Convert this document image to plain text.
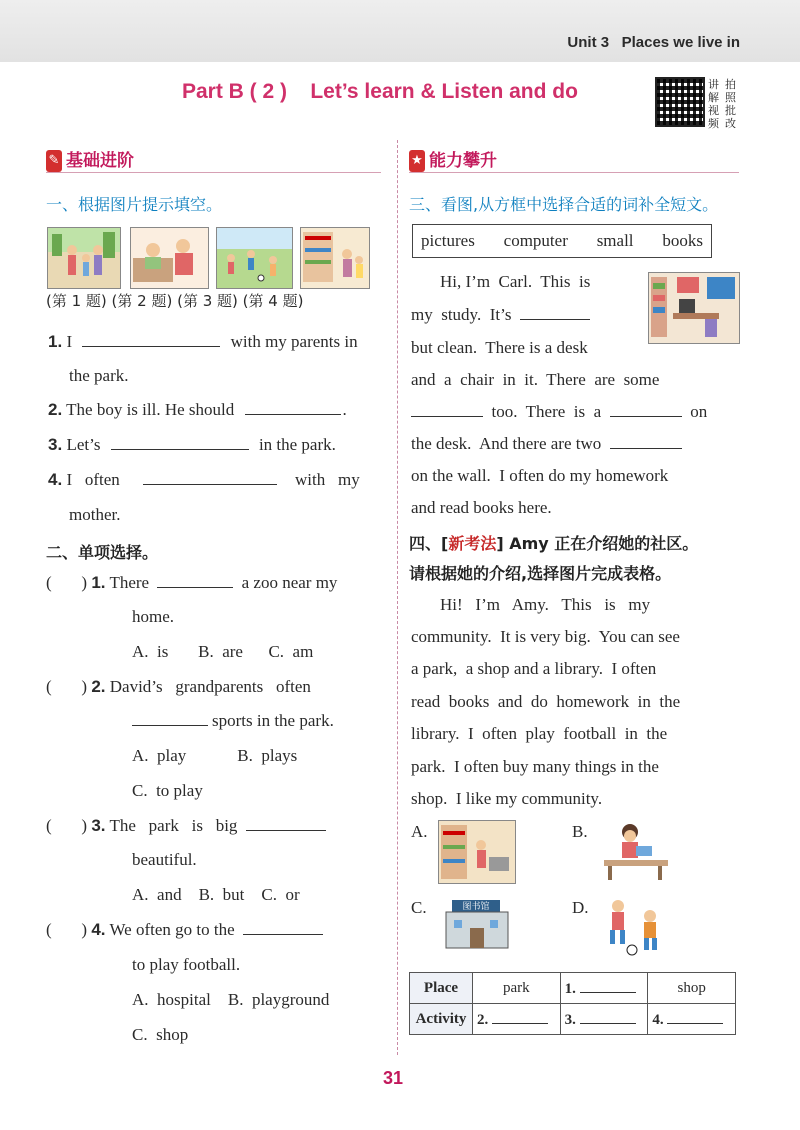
Unit 3   Places we live in
Part B ( 2 )    Let’s learn & Listen and do	讲 拍
解 照
视 批
频 改
✎ 基础进阶
一、根据图片提示填空。
(第 1 题) (第 2 题) (第 3 题) (第 4 题)
1. I	with my parents in
the park.
2. The boy is ill. He should	.
3. Let’s	in the park.
4. I   often	with   my
mother.
二、单项选择。
(       ) 1. There	a zoo near my
home.
A.  is       B.  are      C.  am
(       ) 2. David’s   grandparents   often
sports in the park.
A.  play            B.  plays
C.  to play
(       ) 3. The   park   is   big
beautiful.
A.  and    B.  but    C.  or
(       ) 4. We often go to the
to play football.
A.  hospital    B.  playground
C.  shop
★ 能力攀升
三、看图,从方框中选择合适的词补全短文。
pictures computer small books
Hi, I’m  Carl.  This  is
my  study.  It’s
but clean.  There is a desk
and  a  chair  in  it.  There  are  some
too.  There  is  a	on
the desk.  And there are two
on the wall.  I often do my homework
and read books here.
四、[新考法] Amy 正在介绍她的社区。
请根据她的介绍,选择图片完成表格。
Hi!   I’m   Amy.   This   is   my
community.  It is very big.  You can see
a park,  a shop and a library.  I often
read  books  and  do  homework  in  the
library.  I  often  play  football  in  the
park.  I often buy many things in the
shop.  I like my community.
A.	B.
C.	图书馆	D.
Place	park	1.	shop
Activity	2.	3.	4.
31
